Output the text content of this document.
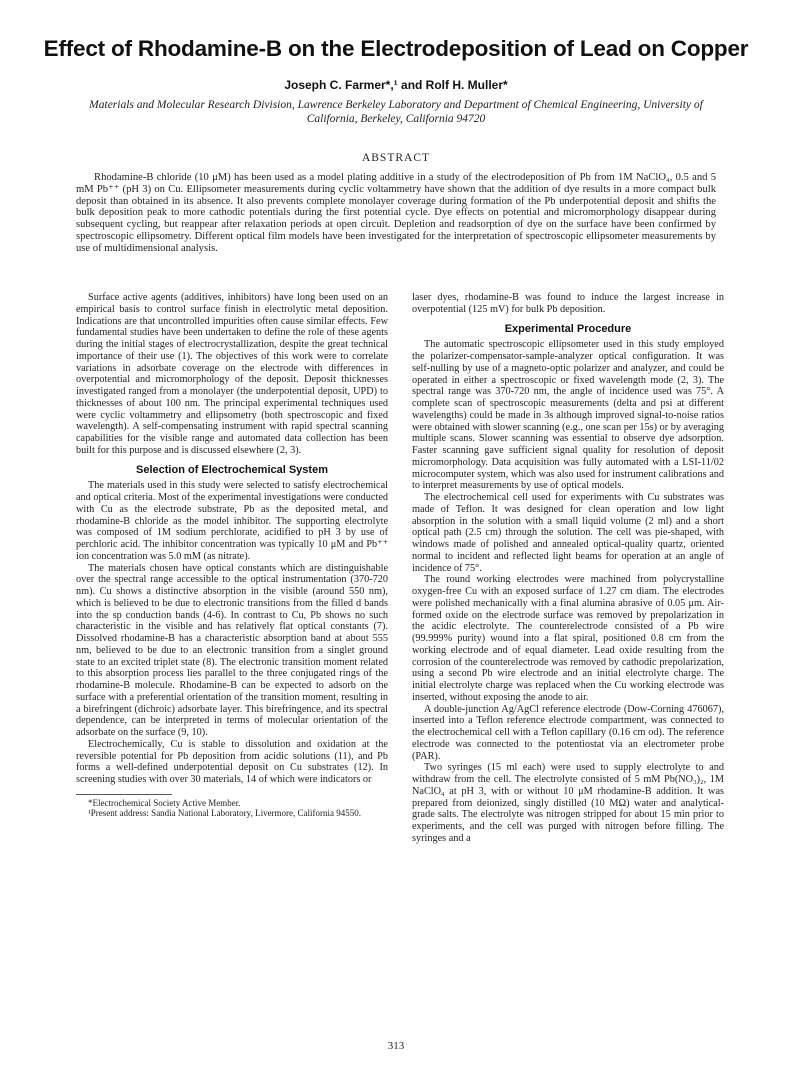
Effect of Rhodamine-B on the Electrodeposition of Lead on Copper
Joseph C. Farmer*,¹ and Rolf H. Muller*
Materials and Molecular Research Division, Lawrence Berkeley Laboratory and Department of Chemical Engineering, University of California, Berkeley, California 94720
ABSTRACT
Rhodamine-B chloride (10 μM) has been used as a model plating additive in a study of the electrodeposition of Pb from 1M NaClO₄, 0.5 and 5 mM Pb⁺⁺ (pH 3) on Cu. Ellipsometer measurements during cyclic voltammetry have shown that the addition of dye results in a more compact bulk deposit than obtained in its absence. It also prevents complete monolayer coverage during formation of the Pb underpotential deposit and shifts the bulk deposition peak to more cathodic potentials during the first potential cycle. Dye effects on potential and micromorphology disappear during subsequent cycling, but reappear after relaxation periods at open circuit. Depletion and readsorption of dye on the surface have been confirmed by spectroscopic ellipsometry. Different optical film models have been investigated for the interpretation of spectroscopic ellipsometer measurements by use of multidimensional analysis.

Surface active agents (additives, inhibitors) have long been used on an empirical basis to control surface finish in electrolytic metal deposition. Indications are that uncontrolled impurities often cause similar effects. Few fundamental studies have been undertaken to define the role of these agents during the initial stages of electrocrystallization, despite the great technical importance of their use (1). The objectives of this work were to correlate variations in adsorbate coverage on the electrode with differences in overpotential and micromorphology of the deposit. Deposit thicknesses investigated ranged from a monolayer (the underpotential deposit, UPD) to thicknesses of about 100 nm. The principal experimental techniques used were cyclic voltammetry and ellipsometry (both spectroscopic and fixed wavelength). A self-compensating instrument with rapid spectral scanning capabilities for the visible range and automated data collection has been built for this purpose and is discussed elsewhere (2, 3).

Selection of Electrochemical System

The materials used in this study were selected to satisfy electrochemical and optical criteria. Most of the experimental investigations were conducted with Cu as the electrode substrate, Pb as the deposited metal, and rhodamine-B chloride as the model inhibitor. The supporting electrolyte was composed of 1M sodium perchlorate, acidified to pH 3 by use of perchloric acid. The inhibitor concentration was typically 10 μM and Pb⁺⁺ ion concentration was 5.0 mM (as nitrate).

The materials chosen have optical constants which are distinguishable over the spectral range accessible to the optical instrumentation (370-720 nm). Cu shows a distinctive absorption in the visible (around 550 nm), which is believed to be due to electronic transitions from the filled d bands into the sp conduction bands (4-6). In contrast to Cu, Pb shows no such characteristic in the visible and has relatively flat optical constants (7). Dissolved rhodamine-B has a characteristic absorption band at about 555 nm, believed to be due to an electronic transition from a singlet ground state to an excited triplet state (8). The electronic transition moment related to this absorption process lies parallel to the three conjugated rings of the rhodamine-B molecule. Rhodamine-B can be expected to adsorb on the surface with a preferential orientation of the transition moment, resulting in a birefringent (dichroic) adsorbate layer. This birefringence, and its spectral dependence, can be interpreted in terms of molecular orientation of the adsorbate on the surface (9, 10).

Electrochemically, Cu is stable to dissolution and oxidation at the reversible potential for Pb deposition from acidic solutions (11), and Pb forms a well-defined underpotential deposit on Cu substrates (12). In screening studies with over 30 materials, 14 of which were indicators or

*Electrochemical Society Active Member.

¹Present address: Sandia National Laboratory, Livermore, California 94550.

laser dyes, rhodamine-B was found to induce the largest increase in overpotential (125 mV) for bulk Pb deposition.

Experimental Procedure

The automatic spectroscopic ellipsometer used in this study employed the polarizer-compensator-sample-analyzer optical configuration. It was self-nulling by use of a magneto-optic polarizer and analyzer, and could be operated in either a spectroscopic or fixed wavelength mode (2, 3). The spectral range was 370-720 nm, the angle of incidence used was 75°. A complete scan of spectroscopic measurements (delta and psi at different wavelengths) could be made in 3s although improved signal-to-noise ratios were obtained with slower scanning (e.g., one scan per 15s) or by averaging multiple scans. Slower scanning was essential to observe dye adsorption. Faster scanning gave sufficient signal quality for resolution of deposit micromorphology. Data acquisition was fully automated with a LSI-11/02 microcomputer system, which was also used for instrument calibrations and to interpret measurements by use of optical models.

The electrochemical cell used for experiments with Cu substrates was made of Teflon. It was designed for clean operation and low light absorption in the solution with a small liquid volume (2 ml) and a short optical path (2.5 cm) through the solution. The cell was pie-shaped, with windows made of polished and annealed optical-quality quartz, oriented normal to incident and reflected light beams for operation at an angle of incidence of 75°.

The round working electrodes were machined from polycrystalline oxygen-free Cu with an exposed surface of 1.27 cm diam. The electrodes were polished mechanically with a final alumina abrasive of 0.05 μm. Air-formed oxide on the electrode surface was removed by prepolarization in the acidic electrolyte. The counterelectrode consisted of a Pb wire (99.999% purity) wound into a flat spiral, positioned 0.8 cm from the working electrode and of equal diameter. Lead oxide resulting from the corrosion of the counterelectrode was removed by cathodic prepolarization, using a second Pb wire electrode and an initial electrolyte charge. The initial electrolyte charge was replaced when the Cu working electrode was inserted, without exposing the anode to air.

A double-junction Ag/AgCl reference electrode (Dow-Corning 476067), inserted into a Teflon reference electrode compartment, was connected to the electrochemical cell with a Teflon capillary (0.16 cm od). The reference electrode was connected to the potentiostat via an electrometer probe (PAR).

Two syringes (15 ml each) were used to supply electrolyte to and withdraw from the cell. The electrolyte consisted of 5 mM Pb(NO₃)₂, 1M NaClO₄ at pH 3, with or without 10 μM rhodamine-B addition. It was prepared from deionized, singly distilled (10 MΩ) water and analytical-grade salts. The electrolyte was nitrogen stripped for about 15 min prior to experiments, and the cell was purged with nitrogen before filling. The syringes and a

313
